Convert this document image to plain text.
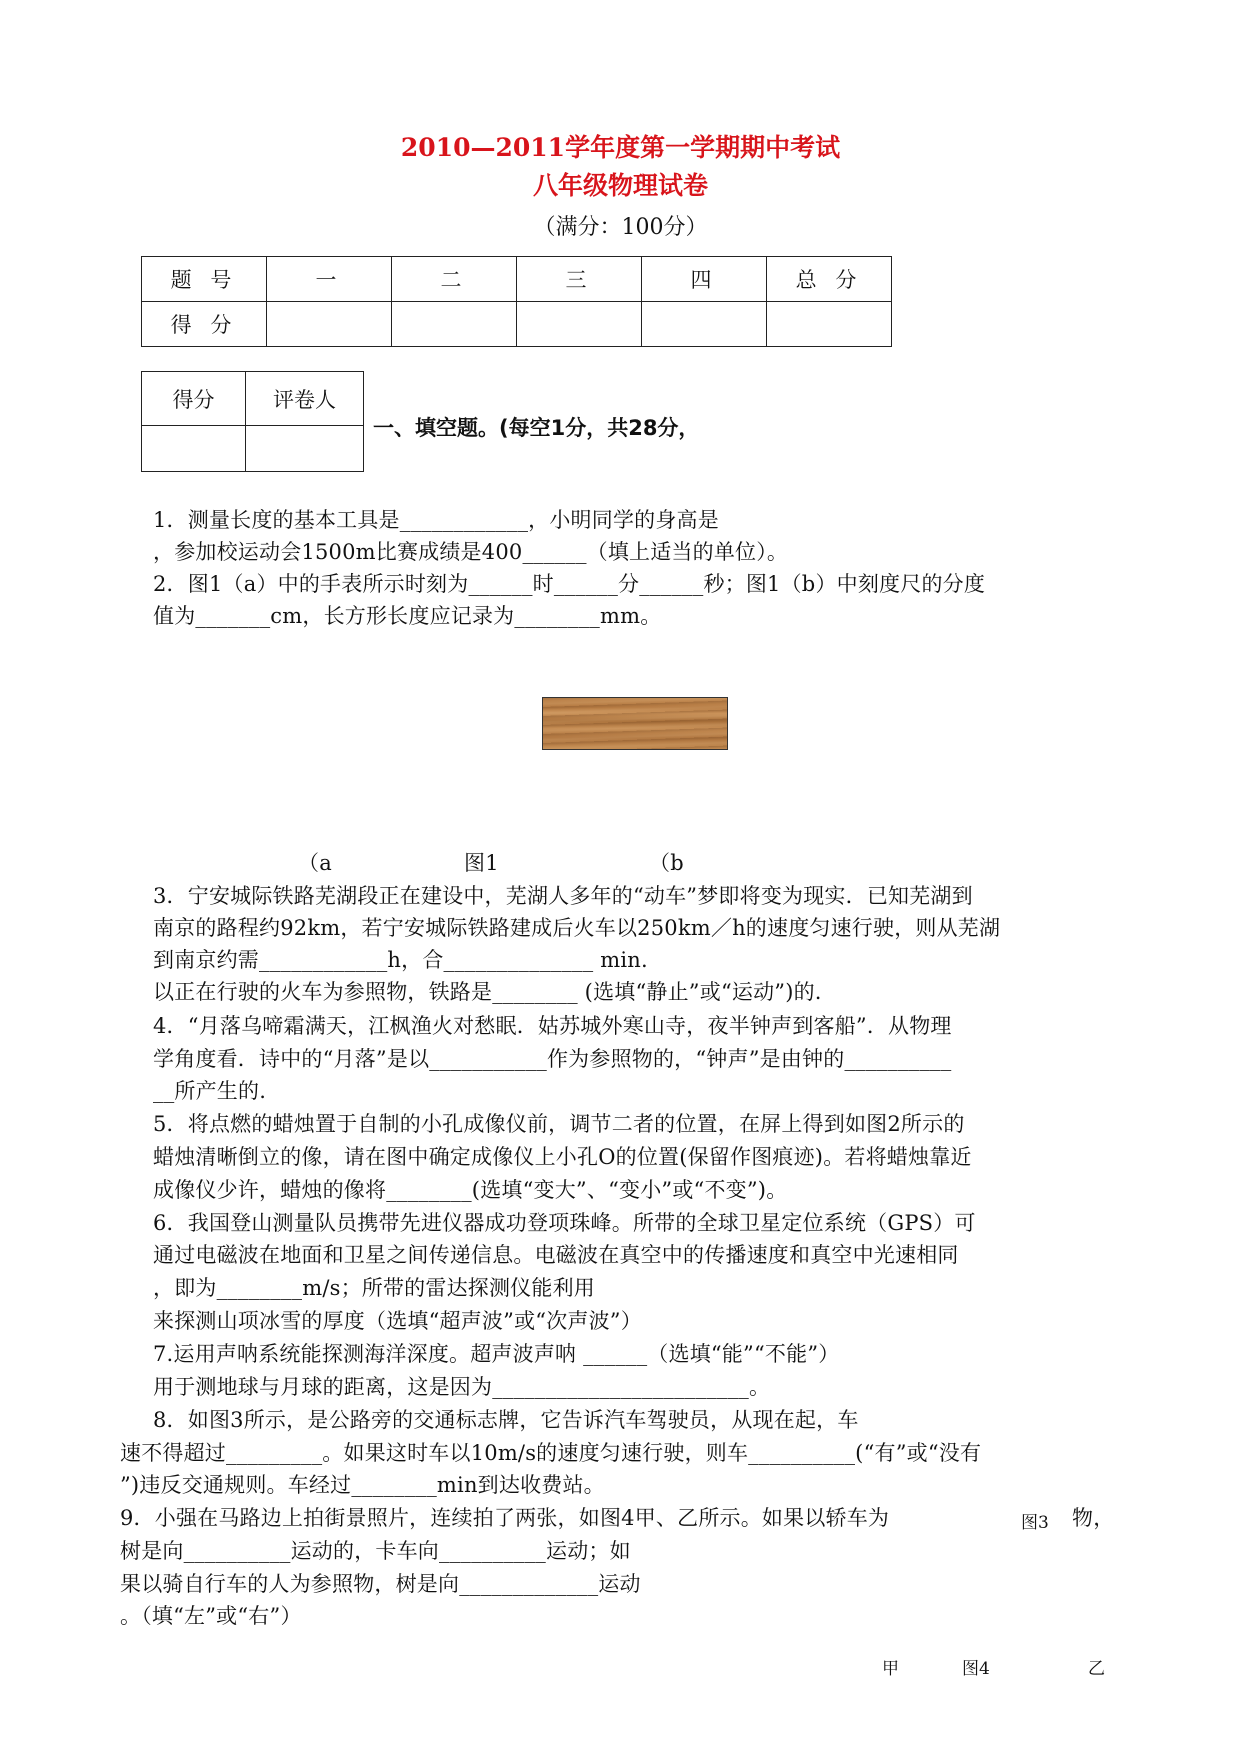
2010—2011学年度第一学期期中考试
八年级物理试卷
（满分：100分）
题 号	一	二	三	四	总 分
得 分					
得分	评卷人

一、填空题。(每空1分，共28分，
1．测量长度的基本工具是____________，小明同学的身高是
，参加校运动会1500m比赛成绩是400______（填上适当的单位）。
2．图1（a）中的手表所示时刻为______时______分______秒；图1（b）中刻度尺的分度
值为_______cm，长方形长度应记录为________mm。
（a	图1	（b
3．宁安城际铁路芜湖段正在建设中，芜湖人多年的“动车”梦即将变为现实．已知芜湖到
南京的路程约92km，若宁安城际铁路建成后火车以250km／h的速度匀速行驶，则从芜湖
到南京约需____________h，合______________ min.
以正在行驶的火车为参照物，铁路是________ (选填“静止”或“运动”)的.
4．“月落乌啼霜满天，江枫渔火对愁眠．姑苏城外寒山寺，夜半钟声到客船”．从物理
学角度看．诗中的“月落”是以___________作为参照物的，“钟声”是由钟的__________
__所产生的.
5．将点燃的蜡烛置于自制的小孔成像仪前，调节二者的位置，在屏上得到如图2所示的
蜡烛清晰倒立的像，请在图中确定成像仪上小孔O的位置(保留作图痕迹)。若将蜡烛靠近
成像仪少许，蜡烛的像将________(选填“变大”、“变小”或“不变”)。
6．我国登山测量队员携带先进仪器成功登项珠峰。所带的全球卫星定位系统（GPS）可
通过电磁波在地面和卫星之间传递信息。电磁波在真空中的传播速度和真空中光速相同
，即为________m/s；所带的雷达探测仪能利用
来探测山项冰雪的厚度（选填“超声波”或“次声波”）
7.运用声呐系统能探测海洋深度。超声波声呐 ______（选填“能”“不能”）
用于测地球与月球的距离，这是因为________________________。
8．如图3所示，是公路旁的交通标志牌，它告诉汽车驾驶员，从现在起，车
速不得超过_________。如果这时车以10m/s的速度匀速行驶，则车__________(“有”或“没有
”)违反交通规则。车经过________min到达收费站。
9．小强在马路边上拍街景照片，连续拍了两张，如图4甲、乙所示。如果以轿车为	图3 物，
树是向__________运动的，卡车向__________运动；如
果以骑自行车的人为参照物，树是向_____________运动
。（填“左”或“右”）
甲	图4	乙
